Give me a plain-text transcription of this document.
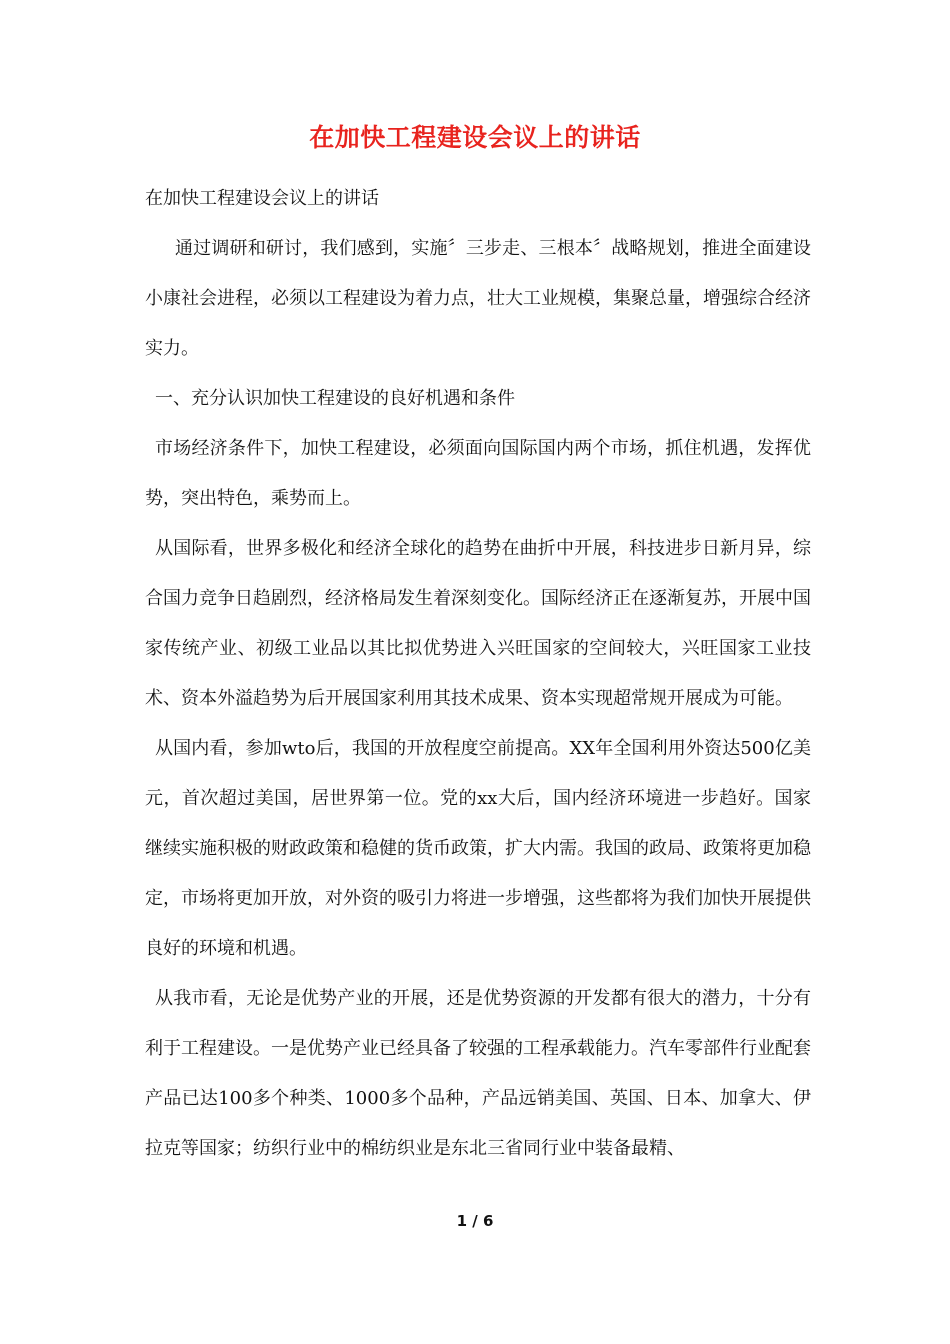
在加快工程建设会议上的讲话

在加快工程建设会议上的讲话

通过调研和研讨，我们感到，实施〞三步走、三根本〞战略规划，推进全面建设小康社会进程，必须以工程建设为着力点，壮大工业规模，集聚总量，增强综合经济实力。

一、充分认识加快工程建设的良好机遇和条件

市场经济条件下，加快工程建设，必须面向国际国内两个市场，抓住机遇，发挥优势，突出特色，乘势而上。

从国际看，世界多极化和经济全球化的趋势在曲折中开展，科技进步日新月异，综合国力竞争日趋剧烈，经济格局发生着深刻变化。国际经济正在逐渐复苏，开展中国家传统产业、初级工业品以其比拟优势进入兴旺国家的空间较大，兴旺国家工业技术、资本外溢趋势为后开展国家利用其技术成果、资本实现超常规开展成为可能。

从国内看，参加wto后，我国的开放程度空前提高。XX年全国利用外资达500亿美元，首次超过美国，居世界第一位。党的xx大后，国内经济环境进一步趋好。国家继续实施积极的财政政策和稳健的货币政策，扩大内需。我国的政局、政策将更加稳定，市场将更加开放，对外资的吸引力将进一步增强，这些都将为我们加快开展提供良好的环境和机遇。

从我市看，无论是优势产业的开展，还是优势资源的开发都有很大的潜力，十分有利于工程建设。一是优势产业已经具备了较强的工程承载能力。汽车零部件行业配套产品已达100多个种类、1000多个品种，产品远销美国、英国、日本、加拿大、伊拉克等国家；纺织行业中的棉纺织业是东北三省同行业中装备最精、

1 / 6
